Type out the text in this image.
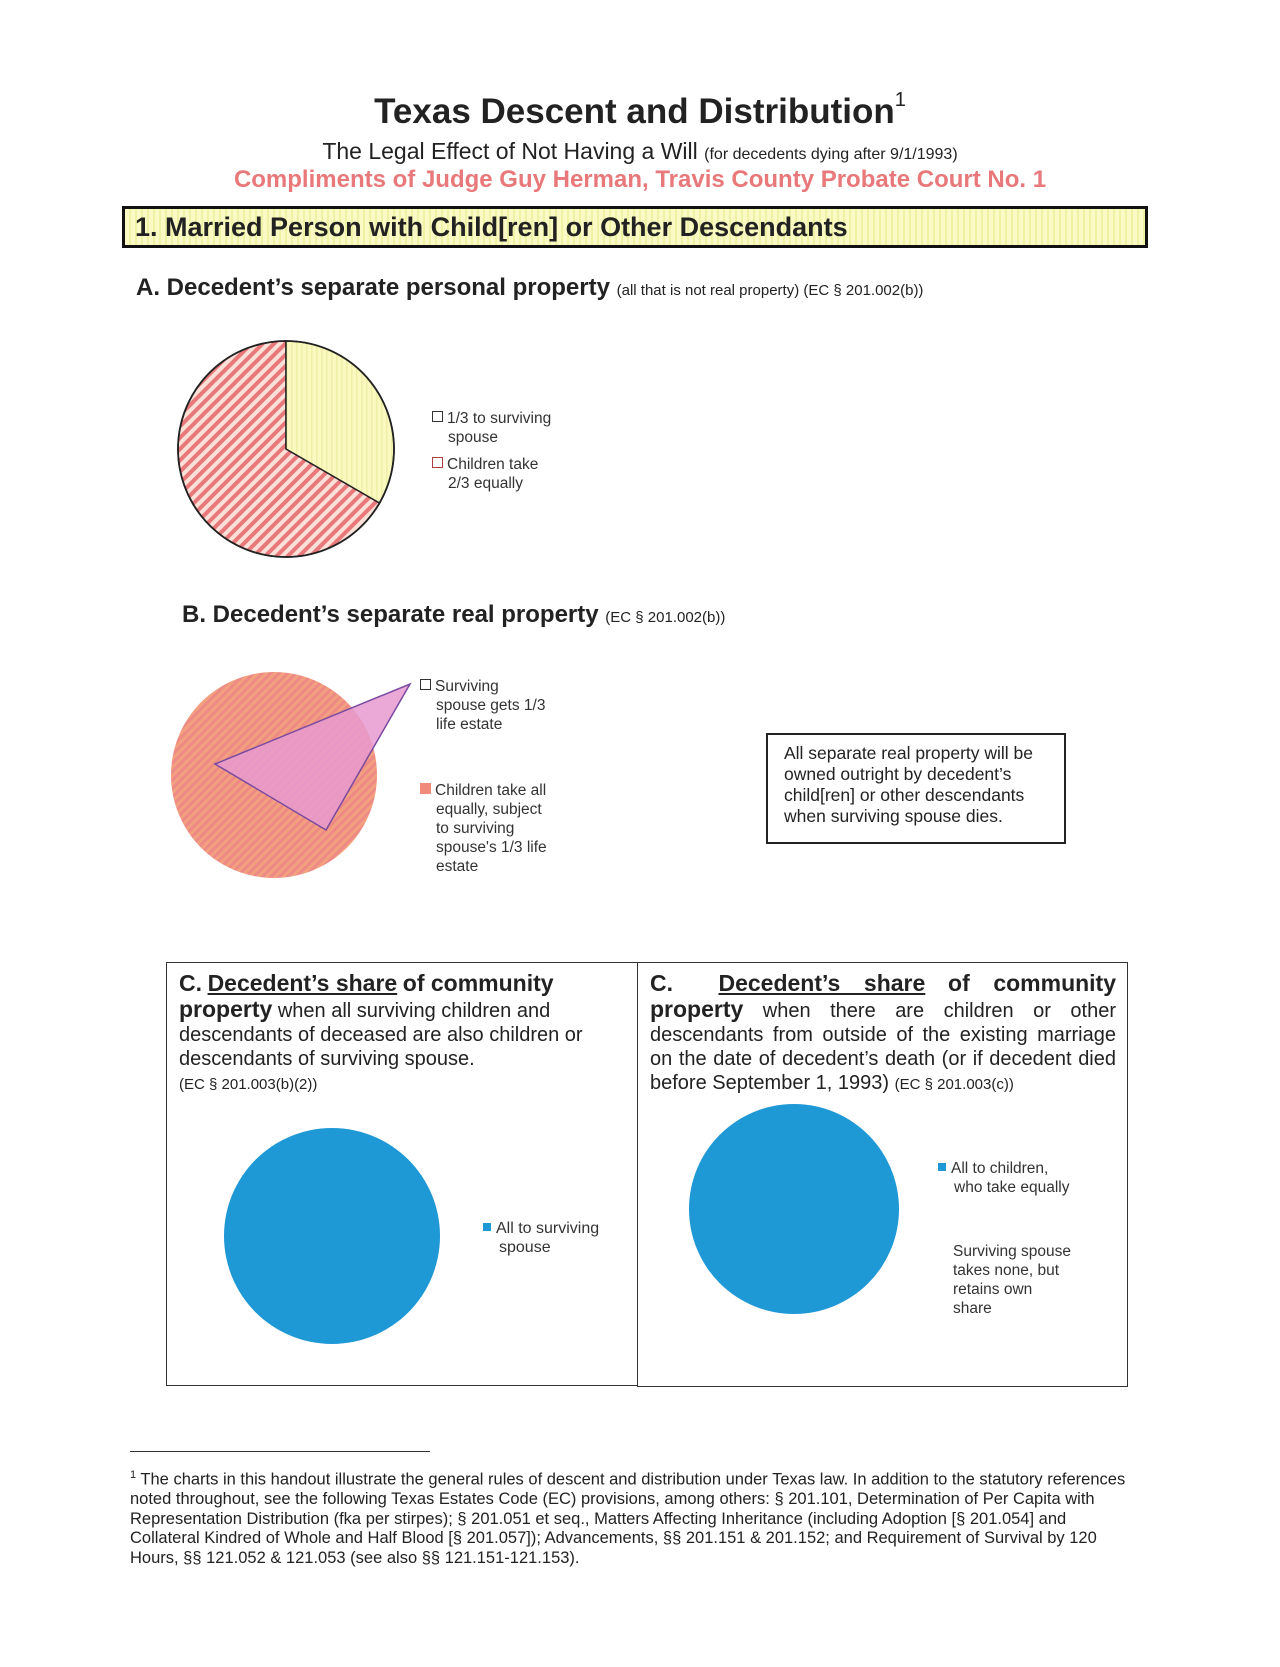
Texas Descent and Distribution$^1$
The Legal Effect of Not Having a Will (for decedents dying after 9/1/1993)
Compliments of Judge Guy Herman, Travis County Probate Court No. 1
1. Married Person with Child[ren] or Other Descendants
A. Decedent’s separate personal property (all that is not real property) (EC § 201.002(b))
1/3 to surviving
spouse
Children take
2/3 equally
B. Decedent’s separate real property (EC § 201.002(b))
Surviving
spouse gets 1/3
life estate
Children take all
equally, subject
to surviving
spouse's 1/3 life
estate
All separate real property will be owned outright by decedent’s child[ren] or other descendants when surviving spouse dies.
C. Decedent’s share of community property when all surviving children and descendants of deceased are also children or descendants of surviving spouse.
(EC § 201.003(b)(2))
All to surviving
spouse
C. Decedent’s share of community property when there are children or other descendants from outside of the existing marriage on the date of decedent’s death (or if decedent died before September 1, 1993) (EC § 201.003(c))
All to children,
who take equally
Surviving spouse
takes none, but
retains own
share
$^1$ The charts in this handout illustrate the general rules of descent and distribution under Texas law. In addition to the statutory references noted throughout, see the following Texas Estates Code (EC) provisions, among others: § 201.101, Determination of Per Capita with Representation Distribution (fka per stirpes); § 201.051 et seq., Matters Affecting Inheritance (including Adoption [§ 201.054] and Collateral Kindred of Whole and Half Blood [§ 201.057]); Advancements, §§ 201.151 & 201.152; and Requirement of Survival by 120 Hours, §§ 121.052 & 121.053 (see also §§ 121.151-121.153).
